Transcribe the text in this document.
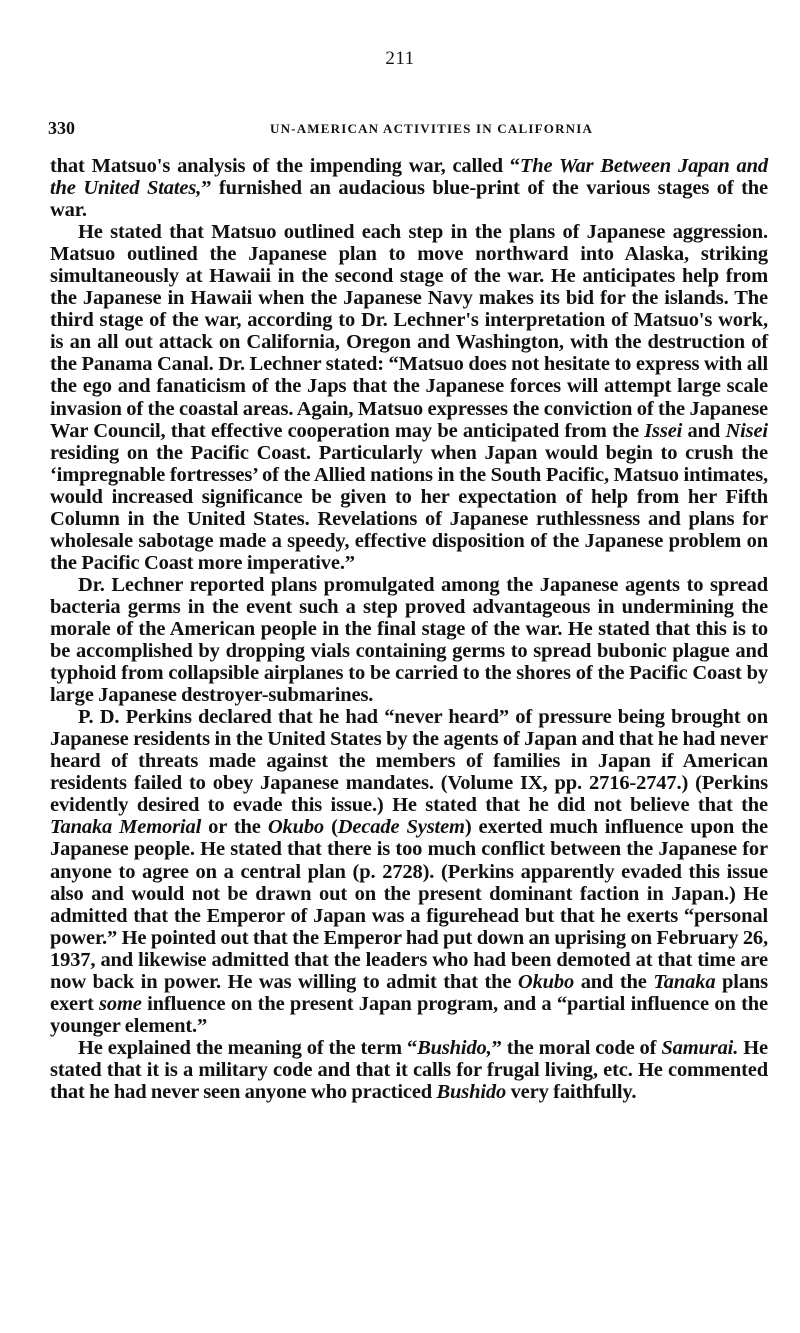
211
330	UN-AMERICAN ACTIVITIES IN CALIFORNIA

that Matsuo's analysis of the impending war, called “The War Between Japan and the United States,” furnished an audacious blue-print of the various stages of the war.

He stated that Matsuo outlined each step in the plans of Japanese aggression. Matsuo outlined the Japanese plan to move northward into Alaska, striking simultaneously at Hawaii in the second stage of the war. He anticipates help from the Japanese in Hawaii when the Japanese Navy makes its bid for the islands. The third stage of the war, according to Dr. Lechner's interpretation of Matsuo's work, is an all out attack on California, Oregon and Washington, with the destruction of the Panama Canal. Dr. Lechner stated: “Matsuo does not hesitate to express with all the ego and fanaticism of the Japs that the Japanese forces will attempt large scale invasion of the coastal areas. Again, Matsuo expresses the conviction of the Japanese War Council, that effective cooperation may be anticipated from the Issei and Nisei residing on the Pacific Coast. Particularly when Japan would begin to crush the ‘impregnable fortresses’ of the Allied nations in the South Pacific, Matsuo intimates, would increased significance be given to her expectation of help from her Fifth Column in the United States. Revelations of Japanese ruthlessness and plans for wholesale sabotage made a speedy, effective disposition of the Japanese problem on the Pacific Coast more imperative.”

Dr. Lechner reported plans promulgated among the Japanese agents to spread bacteria germs in the event such a step proved advantageous in undermining the morale of the American people in the final stage of the war. He stated that this is to be accomplished by dropping vials containing germs to spread bubonic plague and typhoid from collapsible airplanes to be carried to the shores of the Pacific Coast by large Japanese destroyer-submarines.

P. D. Perkins declared that he had “never heard” of pressure being brought on Japanese residents in the United States by the agents of Japan and that he had never heard of threats made against the members of families in Japan if American residents failed to obey Japanese mandates. (Volume IX, pp. 2716-2747.) (Perkins evidently desired to evade this issue.) He stated that he did not believe that the Tanaka Memorial or the Okubo (Decade System) exerted much influence upon the Japanese people. He stated that there is too much conflict between the Japanese for anyone to agree on a central plan (p. 2728). (Perkins apparently evaded this issue also and would not be drawn out on the present dominant faction in Japan.) He admitted that the Emperor of Japan was a figurehead but that he exerts “personal power.” He pointed out that the Emperor had put down an uprising on February 26, 1937, and likewise admitted that the leaders who had been demoted at that time are now back in power. He was willing to admit that the Okubo and the Tanaka plans exert some influence on the present Japan program, and a “partial influence on the younger element.”

He explained the meaning of the term “Bushido,” the moral code of Samurai. He stated that it is a military code and that it calls for frugal living, etc. He commented that he had never seen anyone who practiced Bushido very faithfully.
